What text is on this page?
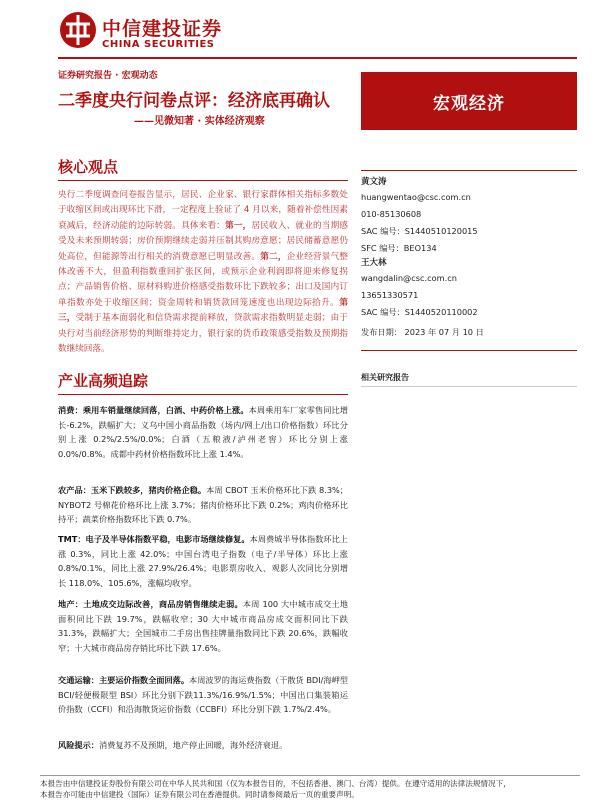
中信建投证券
CHINA SECURITIES
证券研究报告 · 宏观动态
二季度央行问卷点评：经济底再确认
——见微知著 · 实体经济观察
宏观经济
核心观点
央行二季度调查问卷报告显示，居民、企业家、银行家群体相关指标多数处于收缩区间或出现环比下滑，一定程度上验证了 4 月以来，随着补偿性因素衰减后，经济动能的边际转弱。具体来看：第一，居民收入、就业的当期感受及未来预期转弱；房价预期继续走弱并压制其购房意愿；居民储蓄意愿仍处高位，但能源等出行相关的消费意愿已明显改善。第二，企业经营景气整体改善不大，但盈利指数重回扩张区间，或预示企业利润即将迎来修复拐点；产品销售价格、原材料购进价格感受指数环比下跌较多；出口及国内订单指数亦处于收缩区间；资金周转和销货款回笼速度也出现边际拾升。第三，受制于基本面弱化和信贷需求提前释放，贷款需求指数明显走弱；由于央行对当前经济形势的判断维持定力，银行家的货币政策感受指数及预期指数继续回落。
产业高频追踪
消费：乘用车销量继续回落，白酒、中药价格上涨。本周乘用车厂家零售同比增长-6.2%，跌幅扩大；义乌中国小商品指数（场内/网上/出口价格指数）环比分别上涨 0.2%/2.5%/0.0%；白酒（五粮液/泸州老窖）环比分别上涨 0.0%/0.8%。成都中药材价格指数环比上涨 1.4%。
农产品：玉米下跌较多，猪肉价格企稳。本周 CBOT 玉米价格环比下跌 8.3%；NYBOT2 号棉花价格环比上涨 3.7%；猪肉价格环比下跌 0.2%；鸡肉价格环比持平；蔬菜价格指数环比下跌 0.7%。
TMT：电子及半导体指数平稳，电影市场继续修复。本周费城半导体指数环比上涨 0.3%，同比上涨 42.0%；中国台湾电子指数（电子/半导体）环比上涨 0.8%/0.1%，同比上涨 27.9%/26.4%；电影票房收入、观影人次同比分别增长 118.0%、105.6%，涨幅均收窄。
地产：土地成交边际改善，商品房销售继续走弱。本周 100 大中城市成交土地面积同比下跌 19.7%，跌幅收窄；30 大中城市商品房成交面积同比下跌 31.3%，跌幅扩大；全国城市二手房出售挂牌量指数同比下跌 20.6%，跌幅收窄；十大城市商品房存销比环比下跌 17.6%。
交通运输：主要运价指数全面回落。本周波罗的海运费指数（干散货 BDI/海岬型 BCI/轻便极限型 BSI）环比分别下跌11.3%/16.9%/1.5%；中国出口集装箱运价指数（CCFI）和沿海散货运价指数（CCBFI）环比分别下跌 1.7%/2.4%。
风险提示：消费复苏不及预期，地产停止回暖，海外经济衰退。
黄文涛
huangwentao@csc.com.cn
010-85130608
SAC 编号：S1440510120015
SFC 编号：BEO134
王大林
wangdalin@csc.com.cn
13651330571
SAC 编号：S1440520110002
发布日期： 2023 年 07 月 10 日
相关研究报告
本报告由中信建投证券股份有限公司在中华人民共和国（仅为本报告目的，不包括香港、澳门、台湾）提供。在遵守适用的法律法规情况下，
本报告亦可能由中信建投（国际）证券有限公司在香港提供。同时请参阅最后一页的重要声明。
